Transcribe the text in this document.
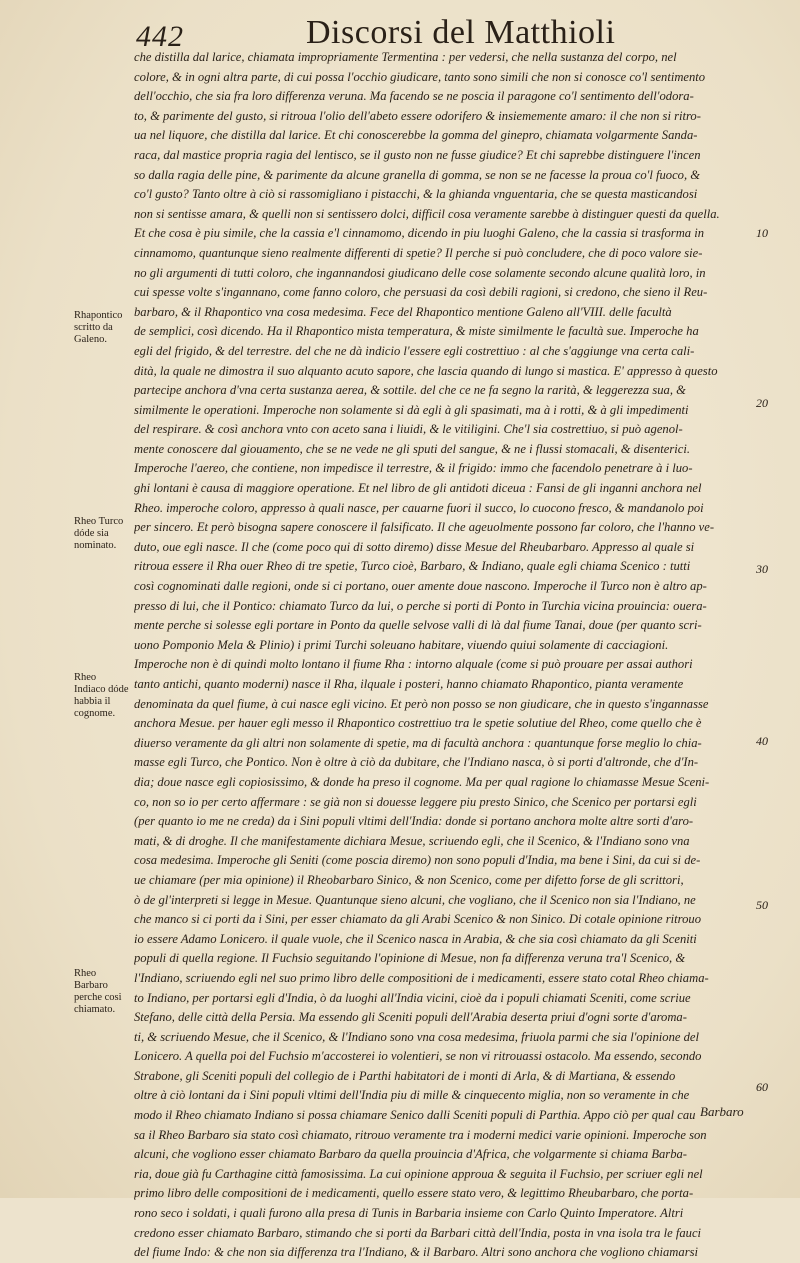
442	Discorsi del Matthioli
che distilla dal larice, chiamata impropriamente Termentina : per vedersi, che nella sustanza del corpo, nel
colore, & in ogni altra parte, di cui possa l'occhio giudicare, tanto sono simili che non si conosce co'l sentimento
dell'occhio, che sia fra loro differenza veruna. Ma facendo se ne poscia il paragone co'l sentimento dell'odora-
to, & parimente del gusto, si ritroua l'olio dell'abeto essere odorifero & insiememente amaro: il che non si ritro-
ua nel liquore, che distilla dal larice. Et chi conoscerebbe la gomma del ginepro, chiamata volgarmente Sanda-
raca, dal mastice propria ragia del lentisco, se il gusto non ne fusse giudice? Et chi saprebbe distinguere l'incen
so dalla ragia delle pine, & parimente da alcune granella di gomma, se non se ne facesse la proua co'l fuoco, &
co'l gusto? Tanto oltre à ciò si rassomigliano i pistacchi, & la ghianda vnguentaria, che se questa masticandosi
non si sentisse amara, & quelli non si sentissero dolci, difficil cosa veramente sarebbe à distinguer questi da quella.
Et che cosa è piu simile, che la cassia e'l cinnamomo, dicendo in piu luoghi Galeno, che la cassia si trasforma in
cinnamomo, quantunque sieno realmente differenti di spetie? Il perche si può concludere, che di poco valore sie-
no gli argumenti di tutti coloro, che ingannandosi giudicano delle cose solamente secondo alcune qualità loro, in
cui spesse volte s'ingannano, come fanno coloro, che persuasi da così debili ragioni, si credono, che sieno il Reu-
barbaro, & il Rhapontico vna cosa medesima. Fece del Rhapontico mentione Galeno all'VIII. delle facultà
de semplici, così dicendo. Ha il Rhapontico mista temperatura, & miste similmente le facultà sue. Imperoche ha
egli del frigido, & del terrestre. del che ne dà indicio l'essere egli costrettiuo : al che s'aggiunge vna certa cali-
dità, la quale ne dimostra il suo alquanto acuto sapore, che lascia quando di lungo si mastica. E' appresso à questo
partecipe anchora d'vna certa sustanza aerea, & sottile. del che ce ne fa segno la rarità, & leggerezza sua, &
similmente le operationi. Imperoche non solamente si dà egli à gli spasimati, ma à i rotti, & à gli impedimenti
del respirare. & così anchora vnto con aceto sana i liuidi, & le vitiligini. Che'l sia costrettiuo, si può agenol-
mente conoscere dal giouamento, che se ne vede ne gli sputi del sangue, & ne i flussi stomacali, & disenterici.
Imperoche l'aereo, che contiene, non impedisce il terrestre, & il frigido: immo che facendolo penetrare à i luo-
ghi lontani è causa di maggiore operatione. Et nel libro de gli antidoti diceua : Fansi de gli inganni anchora nel
Rheo. imperoche coloro, appresso à quali nasce, per cauarne fuori il succo, lo cuocono fresco, & mandanolo poi
per sincero. Et però bisogna sapere conoscere il falsificato. Il che ageuolmente possono far coloro, che l'hanno ve-
duto, oue egli nasce. Il che (come poco qui di sotto diremo) disse Mesue del Rheubarbaro. Appresso al quale si
ritroua essere il Rha ouer Rheo di tre spetie, Turco cioè, Barbaro, & Indiano, quale egli chiama Scenico : tutti
così cognominati dalle regioni, onde si ci portano, ouer amente doue nascono. Imperoche il Turco non è altro ap-
presso di lui, che il Pontico: chiamato Turco da lui, o perche si porti di Ponto in Turchia vicina prouincia: ouera-
mente perche si solesse egli portare in Ponto da quelle selvose valli di là dal fiume Tanai, doue (per quanto scri-
uono Pomponio Mela & Plinio) i primi Turchi soleuano habitare, viuendo quiui solamente di cacciagioni.
Imperoche non è di quindi molto lontano il fiume Rha : intorno alquale (come si può prouare per assai authori
tanto antichi, quanto moderni) nasce il Rha, ilquale i posteri, hanno chiamato Rhapontico, pianta veramente
denominata da quel fiume, à cui nasce egli vicino. Et però non posso se non giudicare, che in questo s'ingannasse
anchora Mesue. per hauer egli messo il Rhapontico costrettiuo tra le spetie solutiue del Rheo, come quello che è
diuerso veramente da gli altri non solamente di spetie, ma di facultà anchora : quantunque forse meglio lo chia-
masse egli Turco, che Pontico. Non è oltre à ciò da dubitare, che l'Indiano nasca, ò si porti d'altronde, che d'In-
dia; doue nasce egli copiosissimo, & donde ha preso il cognome. Ma per qual ragione lo chiamasse Mesue Sceni-
co, non so io per certo affermare : se già non si douesse leggere piu presto Sinico, che Scenico per portarsi egli
(per quanto io me ne creda) da i Sini populi vltimi dell'India: donde si portano anchora molte altre sorti d'aro-
mati, & di droghe. Il che manifestamente dichiara Mesue, scriuendo egli, che il Scenico, & l'Indiano sono vna
cosa medesima. Imperoche gli Seniti (come poscia diremo) non sono populi d'India, ma bene i Sini, da cui si de-
ue chiamare (per mia opinione) il Rheobarbaro Sinico, & non Scenico, come per difetto forse de gli scrittori,
ò de gl'interpreti si legge in Mesue. Quantunque sieno alcuni, che vogliano, che il Scenico non sia l'Indiano, ne
che manco si ci porti da i Sini, per esser chiamato da gli Arabi Scenico & non Sinico. Di cotale opinione ritrouo
io essere Adamo Lonicero. il quale vuole, che il Scenico nasca in Arabia, & che sia così chiamato da gli Sceniti
populi di quella regione. Il Fuchsio seguitando l'opinione di Mesue, non fa differenza veruna tra'l Scenico, &
l'Indiano, scriuendo egli nel suo primo libro delle compositioni de i medicamenti, essere stato cotal Rheo chiama-
to Indiano, per portarsi egli d'India, ò da luoghi all'India vicini, cioè da i populi chiamati Sceniti, come scriue
Stefano, delle città della Persia. Ma essendo gli Sceniti populi dell'Arabia deserta priui d'ogni sorte d'aroma-
ti, & scriuendo Mesue, che il Scenico, & l'Indiano sono vna cosa medesima, friuola parmi che sia l'opinione del
Lonicero. A quella poi del Fuchsio m'accosterei io volentieri, se non vi ritrouassi ostacolo. Ma essendo, secondo
Strabone, gli Sceniti populi del collegio de i Parthi habitatori de i monti di Arla, & di Martiana, & essendo
oltre à ciò lontani da i Sini populi vltimi dell'India piu di mille & cinquecento miglia, non so veramente in che
modo il Rheo chiamato Indiano si possa chiamare Senico dalli Sceniti populi di Parthia. Appo ciò per qual cau
sa il Rheo Barbaro sia stato così chiamato, ritrouo veramente tra i moderni medici varie opinioni. Imperoche son
alcuni, che vogliono esser chiamato Barbaro da quella prouincia d'Africa, che volgarmente si chiama Barba-
ria, doue già fu Carthagine città famosissima. La cui opinione approua & seguita il Fuchsio, per scriuer egli nel
primo libro delle compositioni de i medicamenti, quello essere stato vero, & legittimo Rheubarbaro, che porta-
rono seco i soldati, i quali furono alla presa di Tunis in Barbaria insieme con Carlo Quinto Imperatore. Altri
credono esser chiamato Barbaro, stimando che si porti da Barbari città dell'India, posta in vna isola tra le fauci
del fiume Indo: & che non sia differenza tra l'Indiano, & il Barbaro. Altri sono anchora che vogliono chiamarsi
Rhapontico scritto da Galeno.
Rheo Turco dóde sia nominato.
Rheo Indiaco dóde habbia il cognome.
Rheo Barbaro perche cosi chiamato.
10
20
30
40
50
60
Barbaro
